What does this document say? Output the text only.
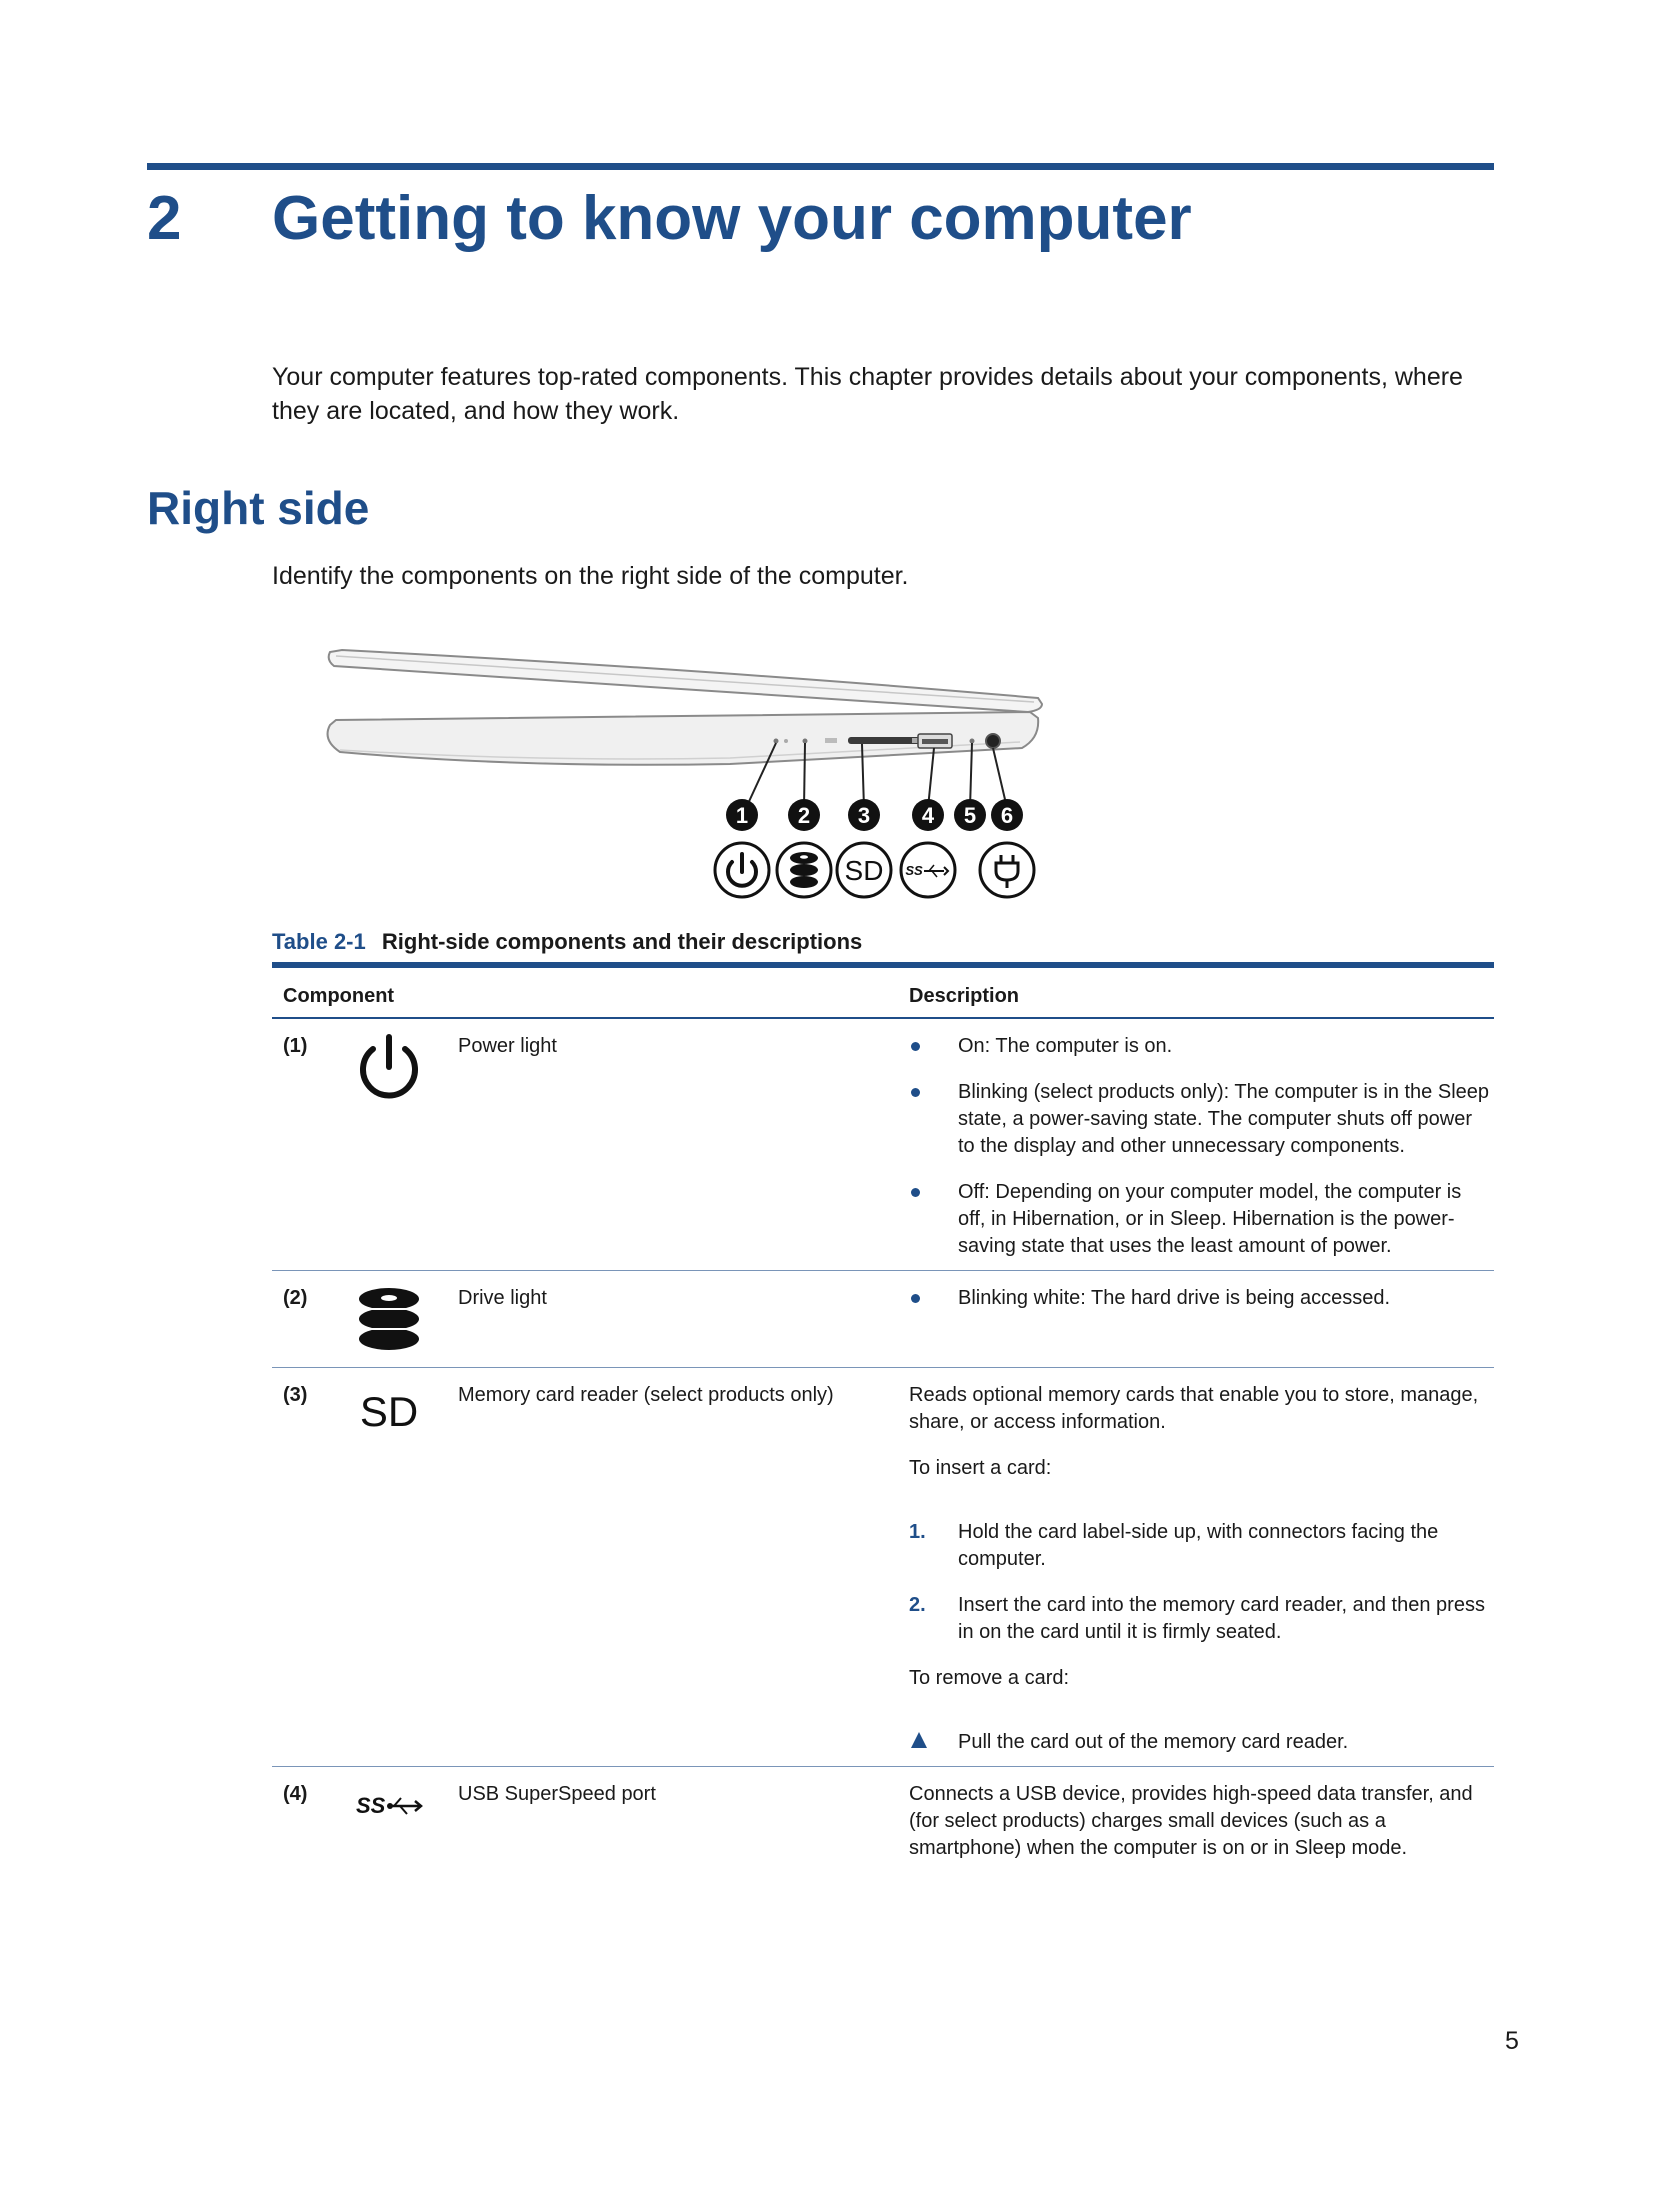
2 Getting to know your computer

Your computer features top-rated components. This chapter provides details about your components, where they are located, and how they work.

Right side

Identify the components on the right side of the computer.

1 2 3 4 5 6
SD SS

Table 2-1 Right-side components and their descriptions

Component	Description
(1)	Power light	On: The computer is on.
Blinking (select products only): The computer is in the Sleep state, a power-saving state. The computer shuts off power to the display and other unnecessary components.
Off: Depending on your computer model, the computer is off, in Hibernation, or in Sleep. Hibernation is the power-saving state that uses the least amount of power.
(2)	Drive light	Blinking white: The hard drive is being accessed.
(3) SD Memory card reader (select products only)	Reads optional memory cards that enable you to store, manage, share, or access information.

To insert a card:

1. Hold the card label-side up, with connectors facing the computer.
2. Insert the card into the memory card reader, and then press in on the card until it is firmly seated.

To remove a card:

Pull the card out of the memory card reader.
(4) SS	USB SuperSpeed port	Connects a USB device, provides high-speed data transfer, and (for select products) charges small devices (such as a smartphone) when the computer is on or in Sleep mode.

5
